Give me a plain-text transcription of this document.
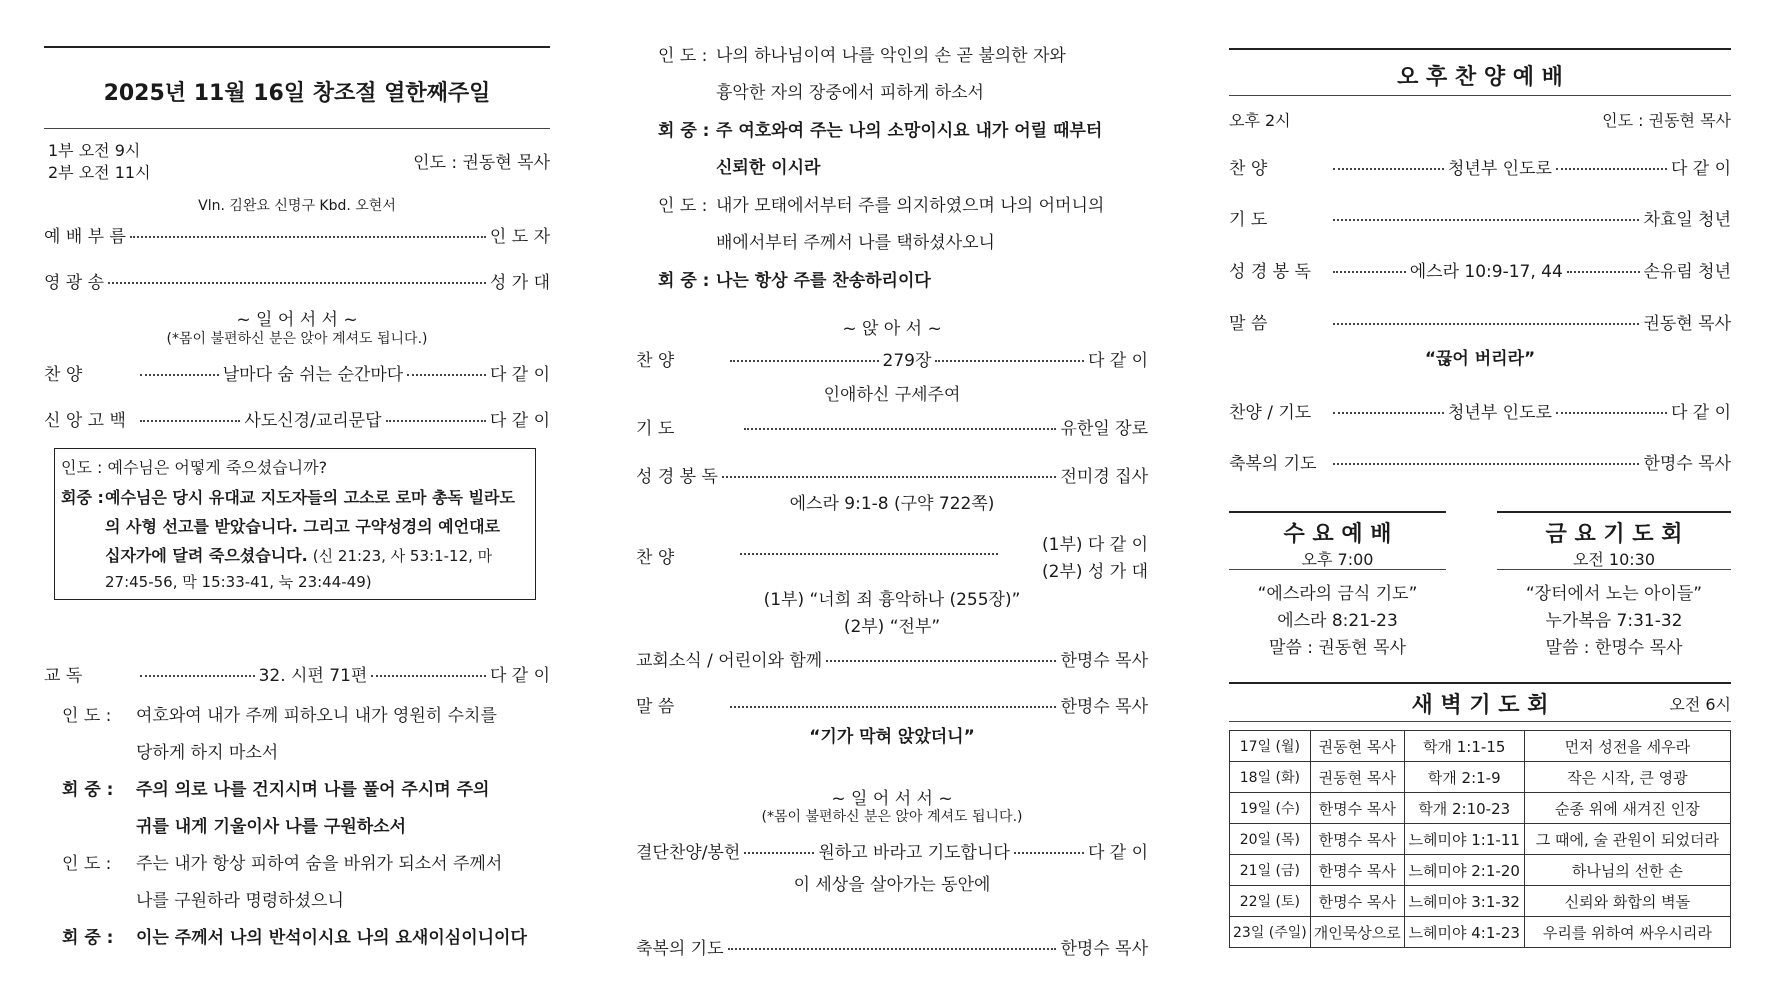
2025년 11월 16일 창조절 열한째주일
1부 오전 9시
2부 오전 11시	인도 : 권동현 목사
Vln. 김완요 신명구 Kbd. 오현서
예 배 부 름	인 도 자
영 광 송	성 가 대
~ 일 어 서 서 ~
(*몸이 불편하신 분은 앉아 계셔도 됩니다.)
찬 양	날마다 숨 쉬는 순간마다	다 같 이
신 앙 고 백	사도신경/교리문답	다 같 이
인도 : 예수님은 어떻게 죽으셨습니까?
회중 : 예수님은 당시 유대교 지도자들의 고소로 로마 총독 빌라도
의 사형 선고를 받았습니다. 그리고 구약성경의 예언대로
십자가에 달려 죽으셨습니다. (신 21:23, 사 53:1-12, 마
27:45-56, 막 15:33-41, 눅 23:44-49)
교 독	32. 시편 71편	다 같 이
인 도 : 여호와여 내가 주께 피하오니 내가 영원히 수치를
당하게 하지 마소서
회 중 : 주의 의로 나를 건지시며 나를 풀어 주시며 주의
귀를 내게 기울이사 나를 구원하소서
인 도 : 주는 내가 항상 피하여 숨을 바위가 되소서 주께서
나를 구원하라 명령하셨으니
회 중 : 이는 주께서 나의 반석이시요 나의 요새이심이니이다
인 도 : 나의 하나님이여 나를 악인의 손 곧 불의한 자와
흉악한 자의 장중에서 피하게 하소서
회 중 : 주 여호와여 주는 나의 소망이시요 내가 어릴 때부터
신뢰한 이시라
인 도 : 내가 모태에서부터 주를 의지하였으며 나의 어머니의
배에서부터 주께서 나를 택하셨사오니
회 중 : 나는 항상 주를 찬송하리이다
~ 앉 아 서 ~
찬 양	279장	다 같 이
인애하신 구세주여
기 도	유한일 장로
성 경 봉 독	전미경 집사
에스라 9:1-8 (구약 722쪽)
찬 양
(1부) 다 같 이
(2부) 성 가 대
(1부) “너희 죄 흉악하나 (255장)”
(2부) “전부”
교회소식 / 어린이와 함께	한명수 목사
말 씀	한명수 목사
“기가 막혀 앉았더니”
~ 일 어 서 서 ~
(*몸이 불편하신 분은 앉아 계셔도 됩니다.)
결단찬양/봉헌	원하고 바라고 기도합니다	다 같 이
이 세상을 살아가는 동안에
축복의 기도	한명수 목사
오 후 찬 양 예 배
오후 2시	인도 : 권동현 목사
찬 양	청년부 인도로	다 같 이
기 도	차효일 청년
성 경 봉 독	에스라 10:9-17, 44	손유림 청년
말 씀	권동현 목사
“끊어 버리라”
찬양 / 기도	청년부 인도로	다 같 이
축복의 기도	한명수 목사
수 요 예 배
오후 7:00
“에스라의 금식 기도”
에스라 8:21-23
말씀 : 권동현 목사
금 요 기 도 회
오전 10:30
“장터에서 노는 아이들”
누가복음 7:31-32
말씀 : 한명수 목사
새 벽 기 도 회	오전 6시
17일 (월)	권동현 목사	학개 1:1-15	먼저 성전을 세우라
18일 (화)	권동현 목사	학개 2:1-9	작은 시작, 큰 영광
19일 (수)	한명수 목사	학개 2:10-23	순종 위에 새겨진 인장
20일 (목)	한명수 목사	느헤미야 1:1-11	그 때에, 술 관원이 되었더라
21일 (금)	한명수 목사	느헤미야 2:1-20	하나님의 선한 손
22일 (토)	한명수 목사	느헤미야 3:1-32	신뢰와 화합의 벽돌
23일 (주일)	개인묵상으로	느헤미야 4:1-23	우리를 위하여 싸우시리라
